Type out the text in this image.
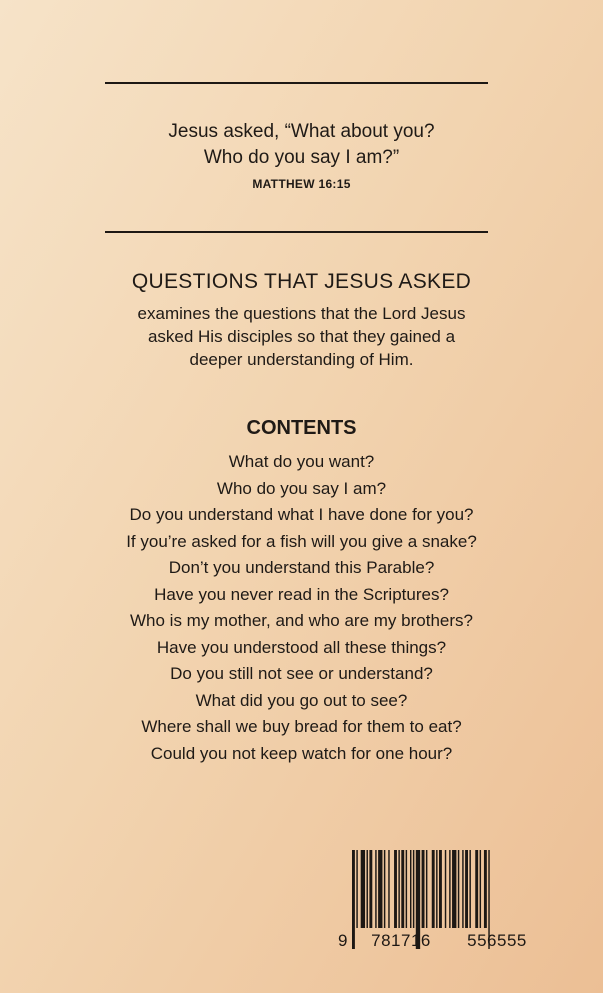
Jesus asked, “What about you?
Who do you say I am?”
MATTHEW 16:15
QUESTIONS THAT JESUS ASKED
examines the questions that the Lord Jesus
asked His disciples so that they gained a
deeper understanding of Him.
CONTENTS
What do you want?
Who do you say I am?
Do you understand what I have done for you?
If you’re asked for a fish will you give a snake?
Don’t you understand this Parable?
Have you never read in the Scriptures?
Who is my mother, and who are my brothers?
Have you understood all these things?
Do you still not see or understand?
What did you go out to see?
Where shall we buy bread for them to eat?
Could you not keep watch for one hour?
9 781716 556555
